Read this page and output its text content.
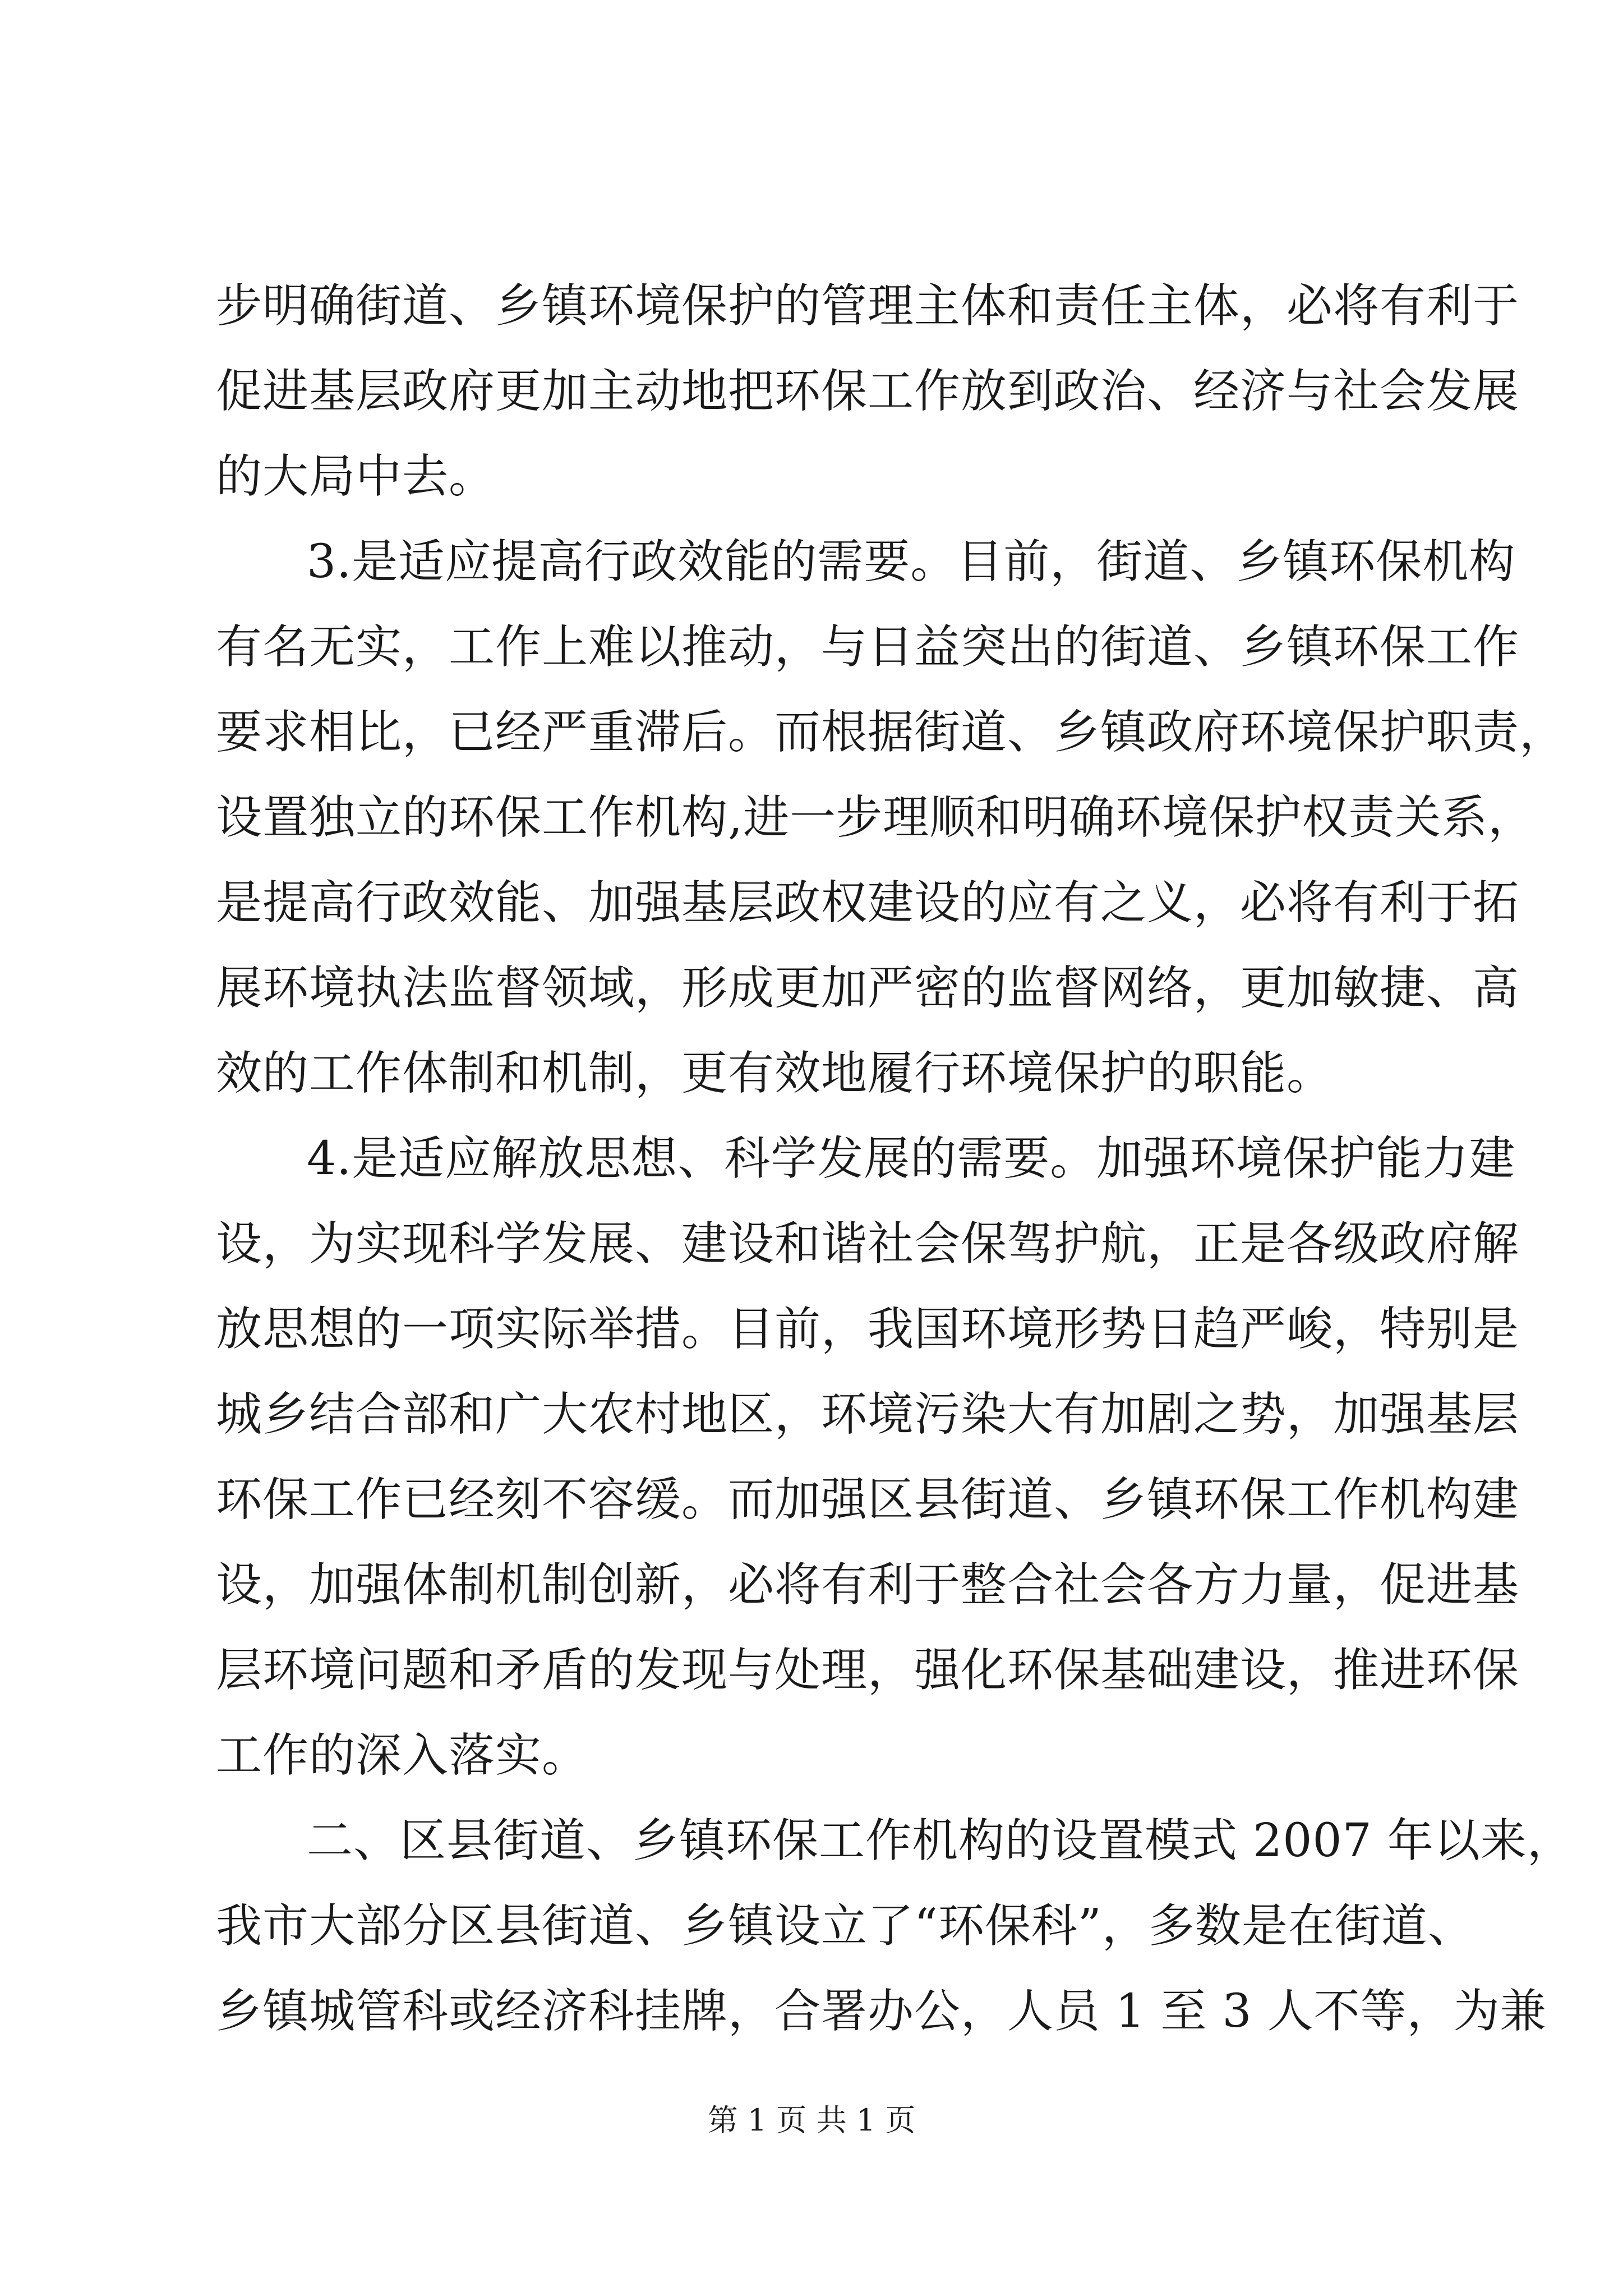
步明确街道、乡镇环境保护的管理主体和责任主体，必将有利于
促进基层政府更加主动地把环保工作放到政治、经济与社会发展
的大局中去。
3.是适应提高行政效能的需要。目前，街道、乡镇环保机构
有名无实，工作上难以推动，与日益突出的街道、乡镇环保工作
要求相比，已经严重滞后。而根据街道、乡镇政府环境保护职责，
设置独立的环保工作机构,进一步理顺和明确环境保护权责关系，
是提高行政效能、加强基层政权建设的应有之义，必将有利于拓
展环境执法监督领域，形成更加严密的监督网络，更加敏捷、高
效的工作体制和机制，更有效地履行环境保护的职能。
4.是适应解放思想、科学发展的需要。加强环境保护能力建
设，为实现科学发展、建设和谐社会保驾护航，正是各级政府解
放思想的一项实际举措。目前，我国环境形势日趋严峻，特别是
城乡结合部和广大农村地区，环境污染大有加剧之势，加强基层
环保工作已经刻不容缓。而加强区县街道、乡镇环保工作机构建
设，加强体制机制创新，必将有利于整合社会各方力量，促进基
层环境问题和矛盾的发现与处理，强化环保基础建设，推进环保
工作的深入落实。
二、区县街道、乡镇环保工作机构的设置模式 2007 年以来，
我市大部分区县街道、乡镇设立了“环保科”，多数是在街道、
乡镇城管科或经济科挂牌，合署办公，人员 1 至 3 人不等，为兼
第 1 页 共 1 页
